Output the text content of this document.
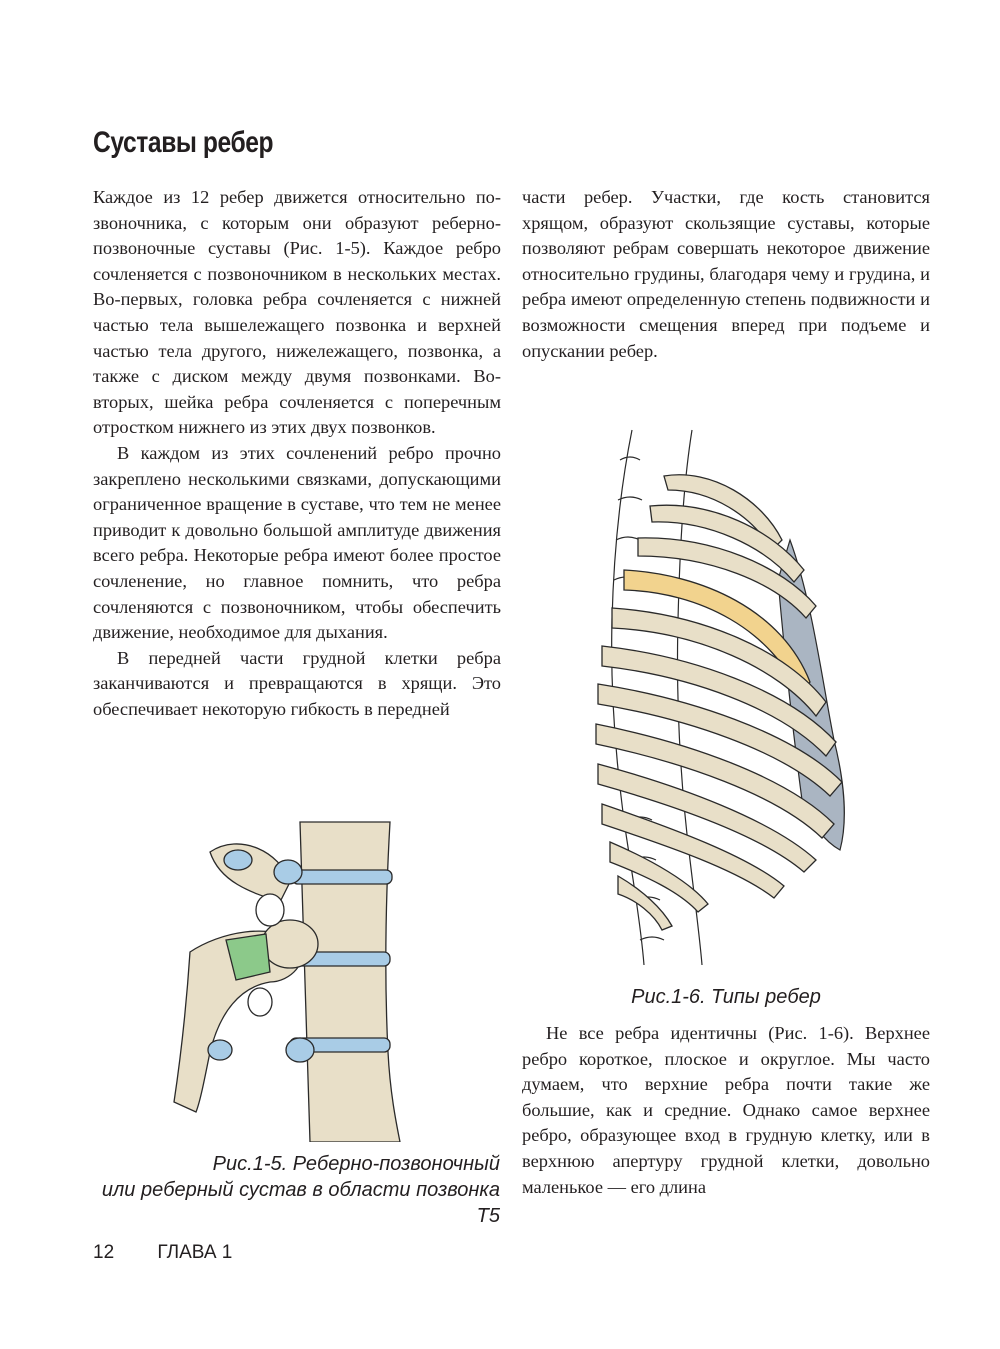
Суставы ребер

Каждое из 12 ребер движется относительно позвоночника, с которым они образуют реберно-позвоночные суставы (Рис. 1-5). Каждое ребро сочленяется с позвоночником в нескольких местах. Во-первых, головка ребра сочленяется с нижней частью тела вышележащего позвонка и верхней частью тела другого, нижележащего, позвонка, а также с диском между двумя позвонками. Во-вторых, шейка ребра сочленяется с поперечным отростком нижнего из этих двух позвонков.

В каждом из этих сочленений ребро прочно закреплено несколькими связками, допускающими ограниченное вращение в суставе, что тем не менее приводит к довольно большой амплитуде движения всего ребра. Некоторые ребра имеют более простое сочленение, но главное помнить, что ребра сочленяются с позвоночником, чтобы обеспечить движение, необходимое для дыхания.

В передней части грудной клетки ребра заканчиваются и превращаются в хрящи. Это обеспечивает некоторую гибкость в передней

части ребер. Участки, где кость становится хрящом, образуют скользящие суставы, которые позволяют ребрам совершать некоторое движение относительно грудины, благодаря чему и грудина, и ребра имеют определенную степень подвижности и возможности смещения вперед при подъеме и опускании ребер.

Рис.1-6. Типы ребер

Не все ребра идентичны (Рис. 1-6). Верхнее ребро короткое, плоское и округлое. Мы часто думаем, что верхние ребра почти такие же большие, как и средние. Однако самое верхнее ребро, образующее вход в грудную клетку, или в верхнюю апертуру грудной клетки, довольно маленькое — его длина

Рис.1-5. Реберно-позвоночный
или реберный сустав в области позвонка Т5
12 ГЛАВА 1
